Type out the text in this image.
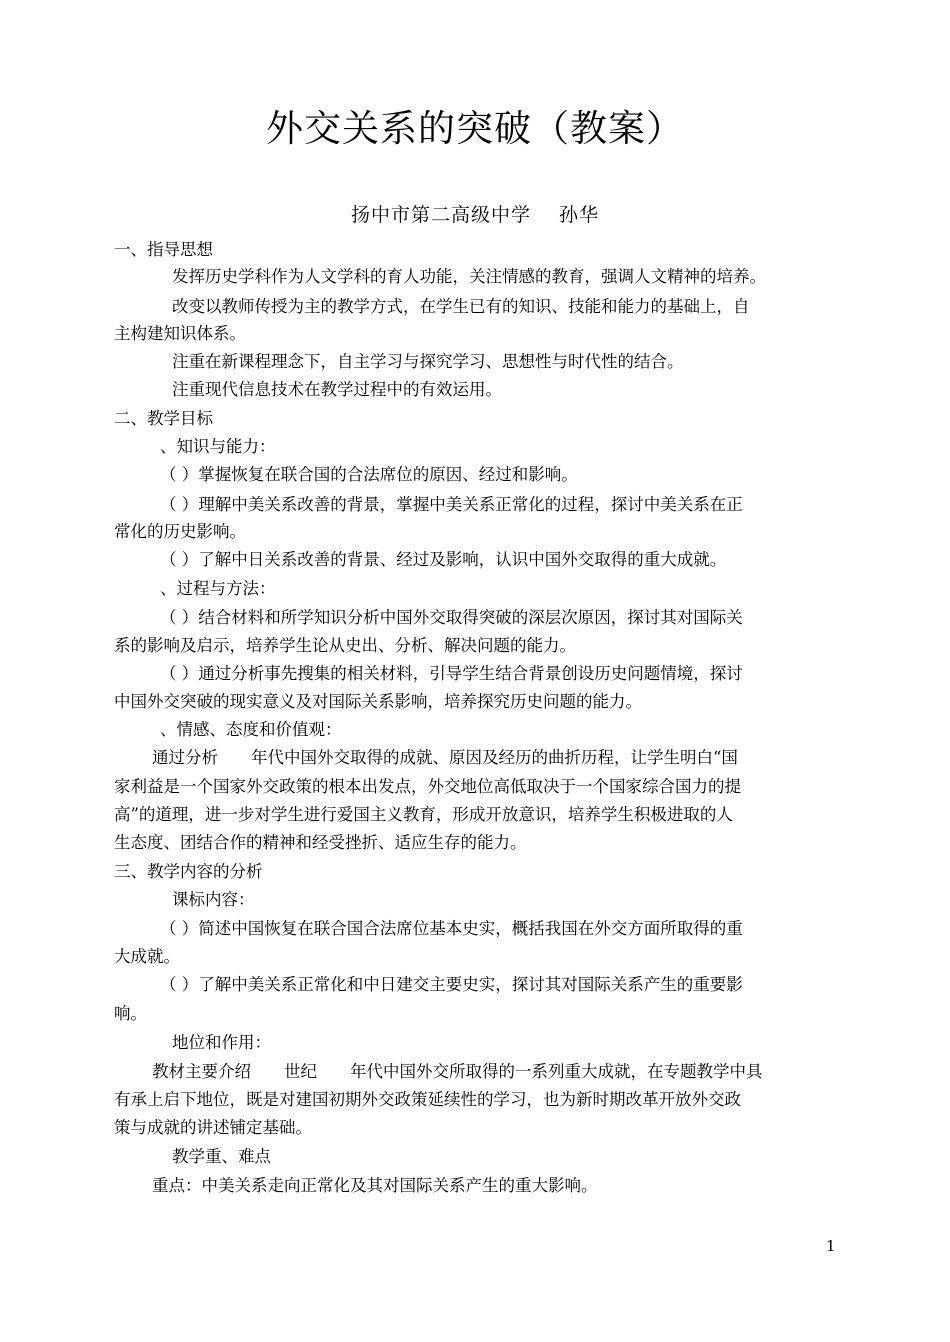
外交关系的突破（教案）
扬中市第二高级中学 孙华
一、指导思想
发挥历史学科作为人文学科的育人功能，关注情感的教育，强调人文精神的培养。
改变以教师传授为主的教学方式，在学生已有的知识、技能和能力的基础上，自
主构建知识体系。
注重在新课程理念下，自主学习与探究学习、思想性与时代性的结合。
注重现代信息技术在教学过程中的有效运用。
二、教学目标
、知识与能力：
（ ）掌握恢复在联合国的合法席位的原因、经过和影响。
（ ）理解中美关系改善的背景，掌握中美关系正常化的过程，探讨中美关系在正
常化的历史影响。
（ ）了解中日关系改善的背景、经过及影响，认识中国外交取得的重大成就。
、过程与方法：
（ ）结合材料和所学知识分析中国外交取得突破的深层次原因，探讨其对国际关
系的影响及启示，培养学生论从史出、分析、解决问题的能力。
（ ）通过分析事先搜集的相关材料，引导学生结合背景创设历史问题情境，探讨
中国外交突破的现实意义及对国际关系影响，培养探究历史问题的能力。
、情感、态度和价值观：
通过分析　　年代中国外交取得的成就、原因及经历的曲折历程，让学生明白“国
家利益是一个国家外交政策的根本出发点，外交地位高低取决于一个国家综合国力的提
高”的道理，进一步对学生进行爱国主义教育，形成开放意识，培养学生积极进取的人
生态度、团结合作的精神和经受挫折、适应生存的能力。
三、教学内容的分析
课标内容：
（ ）简述中国恢复在联合国合法席位基本史实，概括我国在外交方面所取得的重
大成就。
（ ）了解中美关系正常化和中日建交主要史实，探讨其对国际关系产生的重要影
响。
地位和作用：
教材主要介绍　　世纪　　年代中国外交所取得的一系列重大成就，在专题教学中具
有承上启下地位，既是对建国初期外交政策延续性的学习，也为新时期改革开放外交政
策与成就的讲述铺定基础。
教学重、难点
重点：中美关系走向正常化及其对国际关系产生的重大影响。
1
